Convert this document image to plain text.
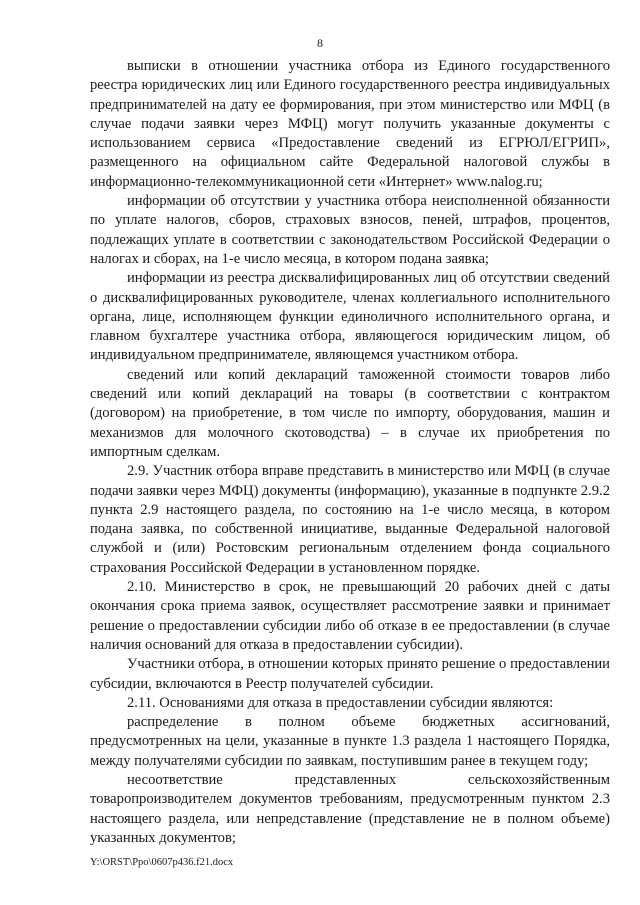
8

выписки в отношении участника отбора из Единого государственного реестра юридических лиц или Единого государственного реестра индивидуальных предпринимателей на дату ее формирования, при этом министерство или МФЦ (в случае подачи заявки через МФЦ) могут получить указанные документы с использованием сервиса «Предоставление сведений из ЕГРЮЛ/ЕГРИП», размещенного на официальном сайте Федеральной налоговой службы в информационно-телекоммуникационной сети «Интернет» www.nalog.ru;

информации об отсутствии у участника отбора неисполненной обязанности по уплате налогов, сборов, страховых взносов, пеней, штрафов, процентов, подлежащих уплате в соответствии с законодательством Российской Федерации о налогах и сборах, на 1-е число месяца, в котором подана заявка;

информации из реестра дисквалифицированных лиц об отсутствии сведений о дисквалифицированных руководителе, членах коллегиального исполнительного органа, лице, исполняющем функции единоличного исполнительного органа, и главном бухгалтере участника отбора, являющегося юридическим лицом, об индивидуальном предпринимателе, являющемся участником отбора.

сведений или копий деклараций таможенной стоимости товаров либо сведений или копий деклараций на товары (в соответствии с контрактом (договором) на приобретение, в том числе по импорту, оборудования, машин и механизмов для молочного скотоводства) – в случае их приобретения по импортным сделкам.

2.9. Участник отбора вправе представить в министерство или МФЦ (в случае подачи заявки через МФЦ) документы (информацию), указанные в подпункте 2.9.2 пункта 2.9 настоящего раздела, по состоянию на 1-е число месяца, в котором подана заявка, по собственной инициативе, выданные Федеральной налоговой службой и (или) Ростовским региональным отделением фонда социального страхования Российской Федерации в установленном порядке.

2.10. Министерство в срок, не превышающий 20 рабочих дней с даты окончания срока приема заявок, осуществляет рассмотрение заявки и принимает решение о предоставлении субсидии либо об отказе в ее предоставлении (в случае наличия оснований для отказа в предоставлении субсидии).

Участники отбора, в отношении которых принято решение о предоставлении субсидии, включаются в Реестр получателей субсидии.

2.11. Основаниями для отказа в предоставлении субсидии являются:

распределение в полном объеме бюджетных ассигнований, предусмотренных на цели, указанные в пункте 1.3 раздела 1 настоящего Порядка, между получателями субсидии по заявкам, поступившим ранее в текущем году;

несоответствие представленных сельскохозяйственным товаропроизводителем документов требованиям, предусмотренным пунктом 2.3 настоящего раздела, или непредставление (представление не в полном объеме) указанных документов;

Y:\ORST\Ppo\0607p436.f21.docx
